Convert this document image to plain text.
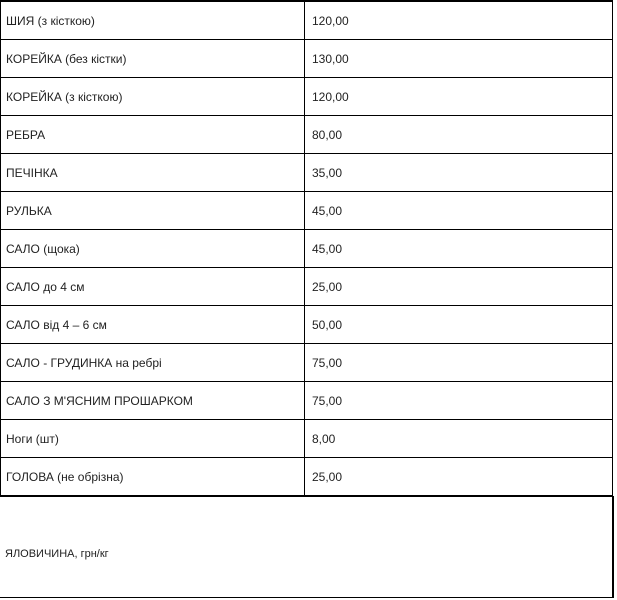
ШИЯ (з кісткою)	120,00
КОРЕЙКА (без кістки)	130,00
КОРЕЙКА (з кісткою)	120,00
РЕБРА	80,00
ПЕЧІНКА	35,00
РУЛЬКА	45,00
САЛО (щока)	45,00
САЛО до 4 см	25,00
САЛО від 4 – 6 см	50,00
САЛО - ГРУДИНКА на ребрі	75,00
САЛО З М'ЯСНИМ ПРОШАРКОМ	75,00
Ноги (шт)	8,00
ГОЛОВА (не обрізна)	25,00
ЯЛОВИЧИНА, грн/кг
